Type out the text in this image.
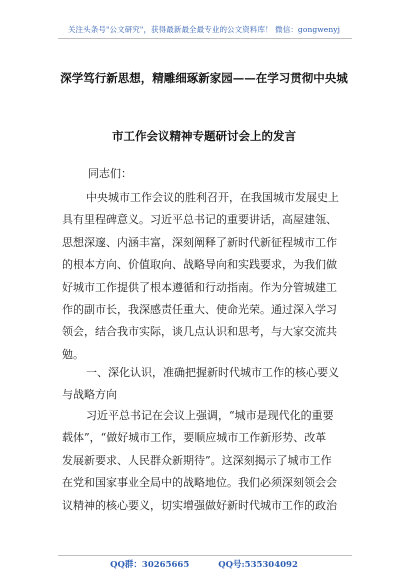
关注头条号"公文研究"，获得最新最全最专业的公文资料库！ 微信：gongwenyj
深学笃行新思想，精雕细琢新家园——在学习贯彻中央城
市工作会议精神专题研讨会上的发言
同志们：
中央城市工作会议的胜利召开，在我国城市发展史上
具有里程碑意义。习近平总书记的重要讲话，高屋建瓴、
思想深邃、内涵丰富，深刻阐释了新时代新征程城市工作
的根本方向、价值取向、战略导向和实践要求，为我们做
好城市工作提供了根本遵循和行动指南。作为分管城建工
作的副市长，我深感责任重大、使命光荣。通过深入学习
领会，结合我市实际，谈几点认识和思考，与大家交流共
勉。
一、深化认识，准确把握新时代城市工作的核心要义
与战略方向
习近平总书记在会议上强调，“城市是现代化的重要
载体”，“做好城市工作，要顺应城市工作新形势、改革
发展新要求、人民群众新期待”。这深刻揭示了城市工作
在党和国家事业全局中的战略地位。我们必须深刻领会会
议精神的核心要义，切实增强做好新时代城市工作的政治
QQ群：30265665	QQ号:535304092
